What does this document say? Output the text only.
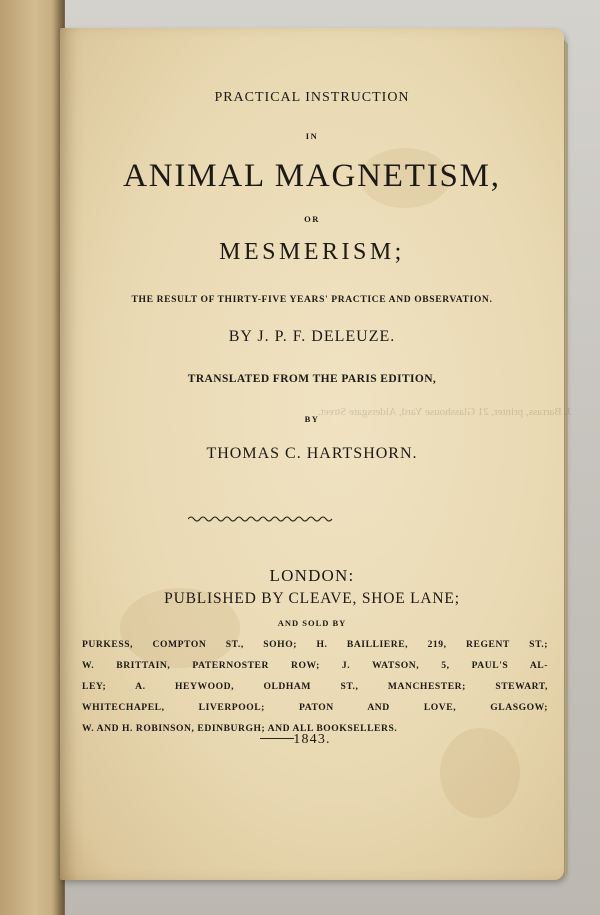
PRACTICAL INSTRUCTION
IN
ANIMAL MAGNETISM,
OR
MESMERISM;
THE RESULT OF THIRTY-FIVE YEARS' PRACTICE AND OBSERVATION.
BY J. P. F. DELEUZE.
TRANSLATED FROM THE PARIS EDITION,
J. Barrass, printer, 21 Glasshouse Yard, Aldersgate Street.
BY
THOMAS C. HARTSHORN.
LONDON:
PUBLISHED BY CLEAVE, SHOE LANE;
AND SOLD BY
PURKESS, COMPTON ST., SOHO; H. BAILLIERE, 219, REGENT ST.;
W. BRITTAIN, PATERNOSTER ROW; J. WATSON, 5, PAUL'S AL-
LEY; A. HEYWOOD, OLDHAM ST., MANCHESTER; STEWART,
WHITECHAPEL, LIVERPOOL; PATON AND LOVE, GLASGOW;
W. AND H. ROBINSON, EDINBURGH; AND ALL BOOKSELLERS.
1843.
